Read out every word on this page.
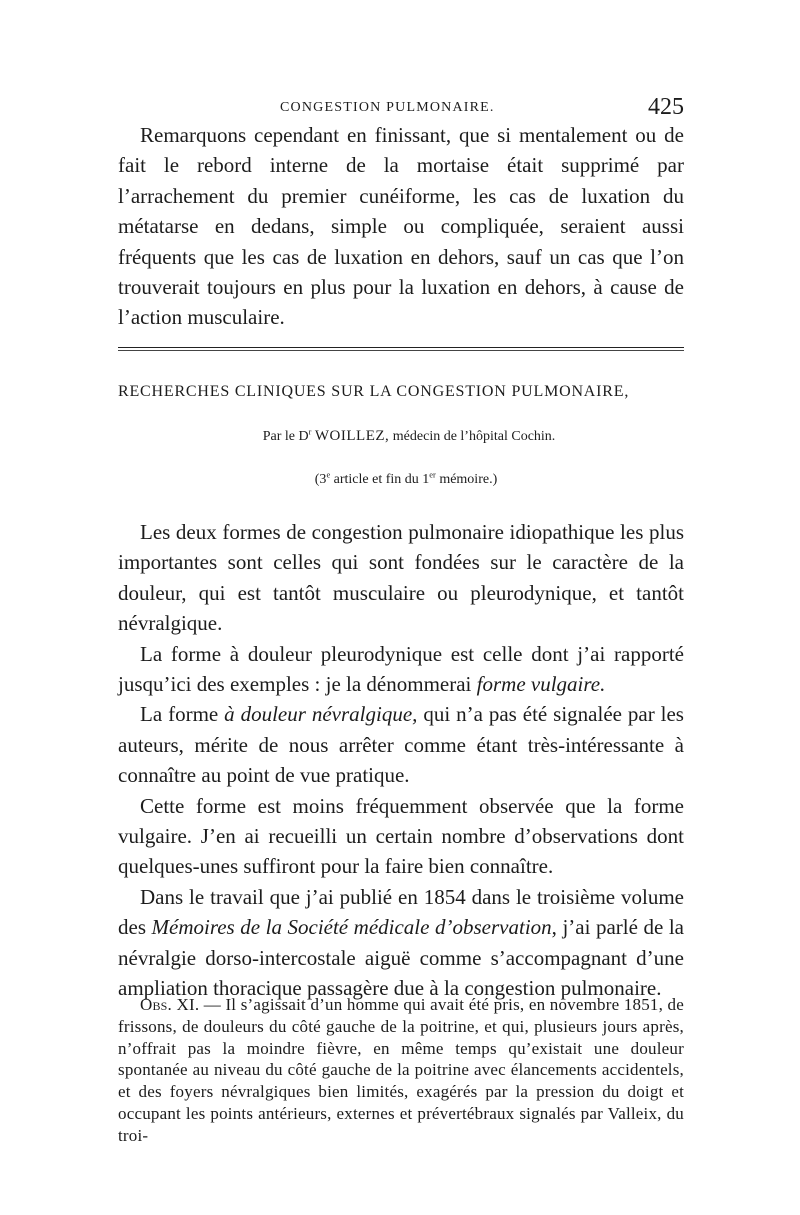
CONGESTION PULMONAIRE.	425

Remarquons cependant en finissant, que si mentalement ou de fait le rebord interne de la mortaise était supprimé par l’arrachement du premier cunéiforme, les cas de luxation du métatarse en dedans, simple ou compliquée, seraient aussi fréquents que les cas de luxation en dehors, sauf un cas que l’on trouverait toujours en plus pour la luxation en dehors, à cause de l’action musculaire.

RECHERCHES CLINIQUES SUR LA CONGESTION PULMONAIRE,
Par le $D^r$ WOILLEZ, médecin de l’hôpital Cochin.
(3e article et fin du 1er mémoire.)

Les deux formes de congestion pulmonaire idiopathique les plus importantes sont celles qui sont fondées sur le caractère de la douleur, qui est tantôt musculaire ou pleurodynique, et tantôt névralgique.

La forme à douleur pleurodynique est celle dont j’ai rapporté jusqu’ici des exemples : je la dénommerai forme vulgaire.

La forme à douleur névralgique, qui n’a pas été signalée par les auteurs, mérite de nous arrêter comme étant très-intéressante à connaître au point de vue pratique.

Cette forme est moins fréquemment observée que la forme vulgaire. J’en ai recueilli un certain nombre d’observations dont quelques-unes suffiront pour la faire bien connaître.

Dans le travail que j’ai publié en 1854 dans le troisième volume des Mémoires de la Société médicale d’observation, j’ai parlé de la névralgie dorso-intercostale aiguë comme s’accompagnant d’une ampliation thoracique passagère due à la congestion pulmonaire.

Obs. XI. — Il s’agissait d’un homme qui avait été pris, en novembre 1851, de frissons, de douleurs du côté gauche de la poitrine, et qui, plusieurs jours après, n’offrait pas la moindre fièvre, en même temps qu’existait une douleur spontanée au niveau du côté gauche de la poitrine avec élancements accidentels, et des foyers névralgiques bien limités, exagérés par la pression du doigt et occupant les points antérieurs, externes et prévertébraux signalés par Valleix, du troi-
